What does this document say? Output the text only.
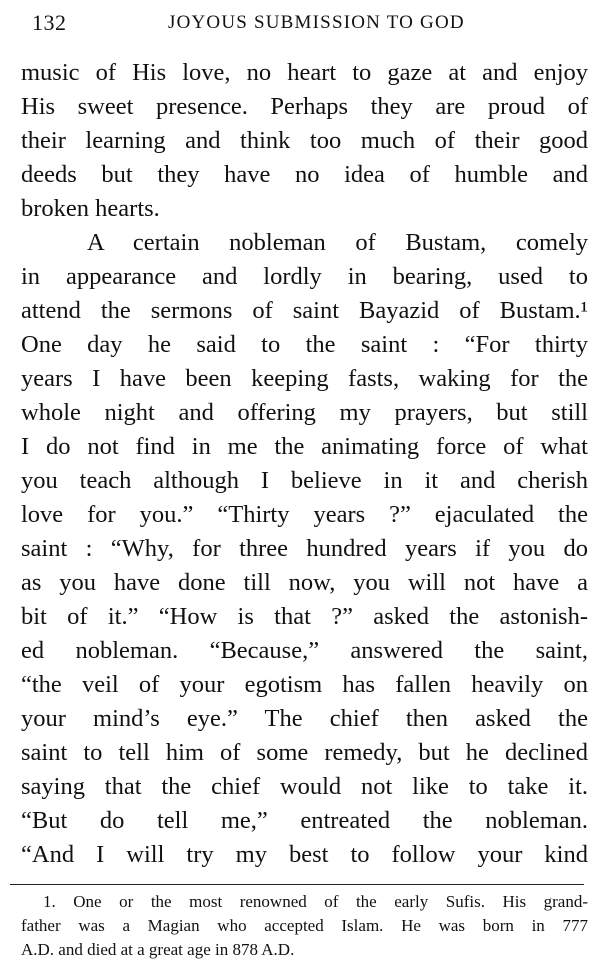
132	JOYOUS SUBMISSION TO GOD
music of His love, no heart to gaze at and enjoy
His sweet presence. Perhaps they are proud of
their learning and think too much of their good
deeds but they have no idea of humble and
broken hearts.
A certain nobleman of Bustam, comely
in appearance and lordly in bearing, used to
attend the sermons of saint Bayazid of Bustam.¹
One day he said to the saint : “For thirty
years I have been keeping fasts, waking for the
whole night and offering my prayers, but still
I do not find in me the animating force of what
you teach although I believe in it and cherish
love for you.” “Thirty years ?” ejaculated the
saint : “Why, for three hundred years if you do
as you have done till now, you will not have a
bit of it.” “How is that ?” asked the astonish-
ed nobleman. “Because,” answered the saint,
“the veil of your egotism has fallen heavily on
your mind’s eye.” The chief then asked the
saint to tell him of some remedy, but he declined
saying that the chief would not like to take it.
“But do tell me,” entreated the nobleman.
“And I will try my best to follow your kind
1. One or the most renowned of the early Sufis. His grand-
father was a Magian who accepted Islam. He was born in 777
A.D. and died at a great age in 878 A.D.
